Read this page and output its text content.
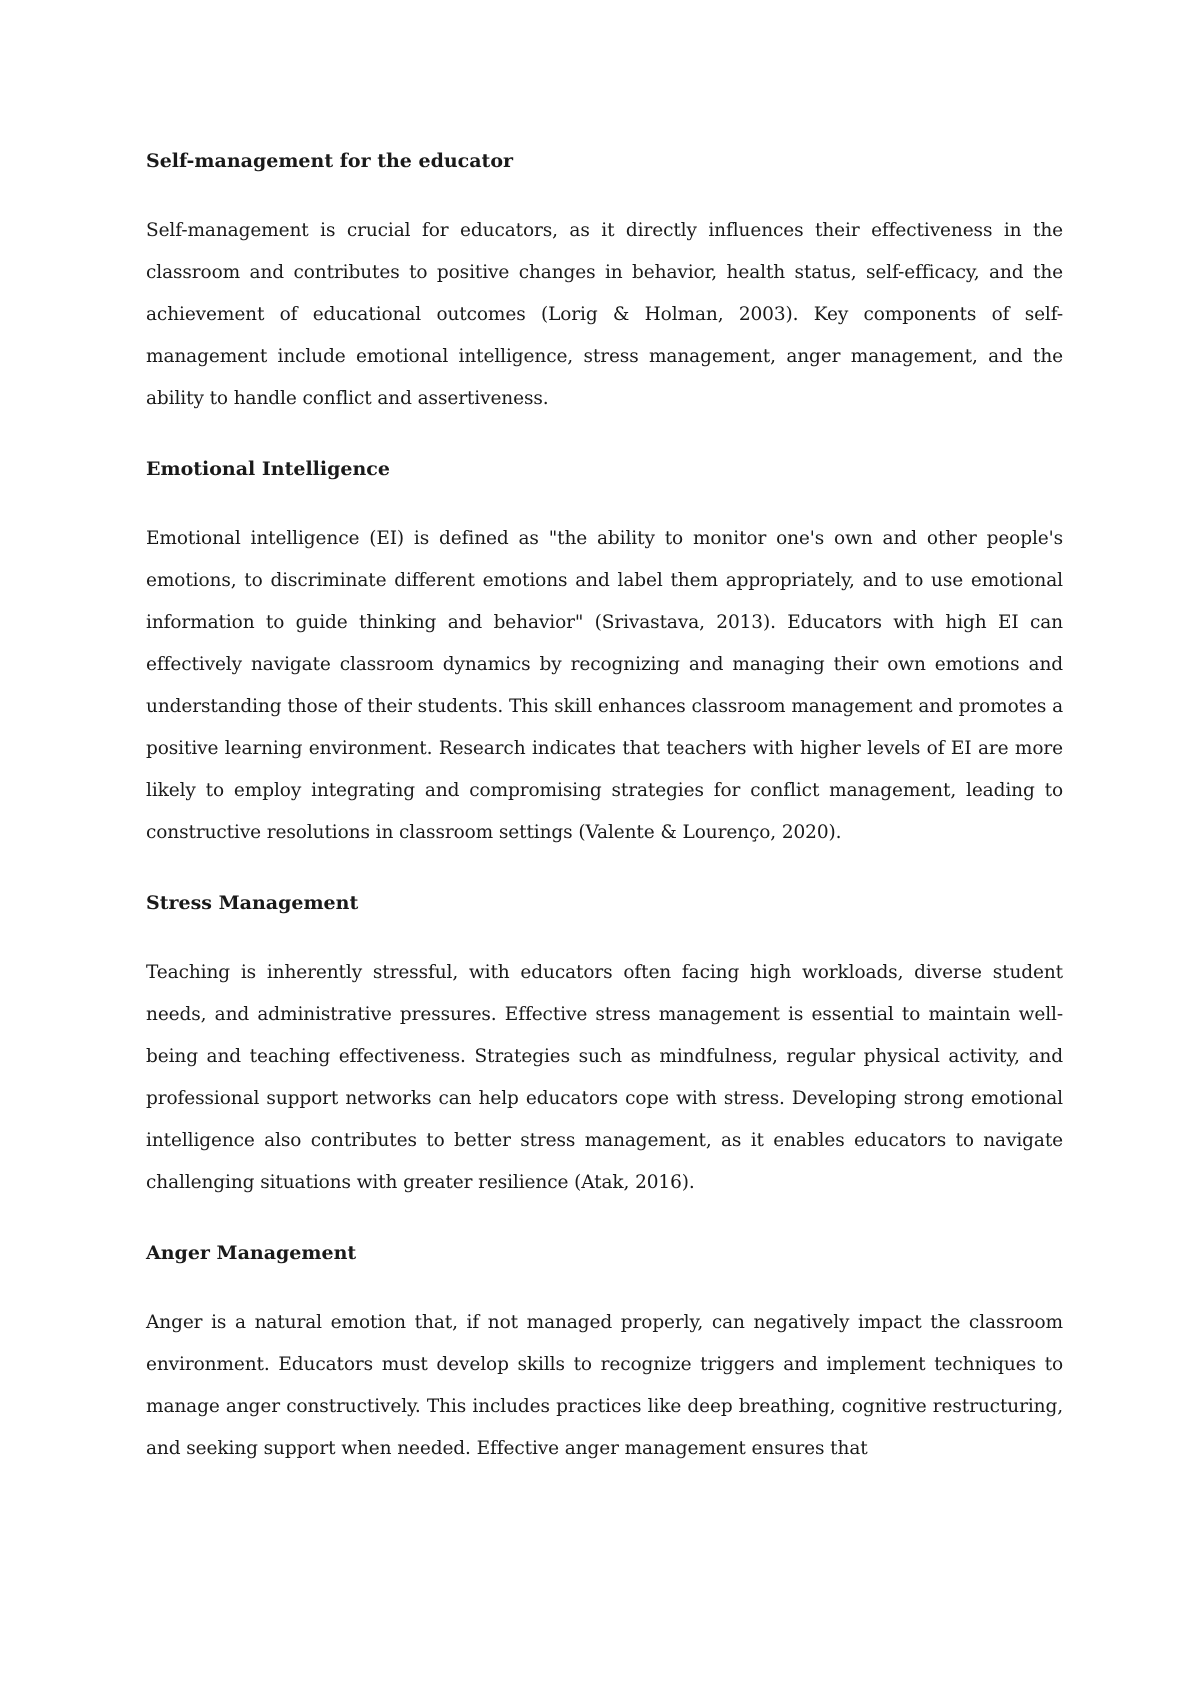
Self-management for the educator
Self-management is crucial for educators, as it directly influences their effectiveness in the classroom and contributes to positive changes in behavior, health status, self-efficacy, and the achievement of educational outcomes (Lorig & Holman, 2003). Key components of self-management include emotional intelligence, stress management, anger management, and the ability to handle conflict and assertiveness.
Emotional Intelligence
Emotional intelligence (EI) is defined as "the ability to monitor one's own and other people's emotions, to discriminate different emotions and label them appropriately, and to use emotional information to guide thinking and behavior" (Srivastava, 2013). Educators with high EI can effectively navigate classroom dynamics by recognizing and managing their own emotions and understanding those of their students. This skill enhances classroom management and promotes a positive learning environment. Research indicates that teachers with higher levels of EI are more likely to employ integrating and compromising strategies for conflict management, leading to constructive resolutions in classroom settings (Valente & Lourenço, 2020).
Stress Management
Teaching is inherently stressful, with educators often facing high workloads, diverse student needs, and administrative pressures. Effective stress management is essential to maintain well-being and teaching effectiveness. Strategies such as mindfulness, regular physical activity, and professional support networks can help educators cope with stress. Developing strong emotional intelligence also contributes to better stress management, as it enables educators to navigate challenging situations with greater resilience (Atak, 2016).
Anger Management
Anger is a natural emotion that, if not managed properly, can negatively impact the classroom environment. Educators must develop skills to recognize triggers and implement techniques to manage anger constructively. This includes practices like deep breathing, cognitive restructuring, and seeking support when needed. Effective anger management ensures that
